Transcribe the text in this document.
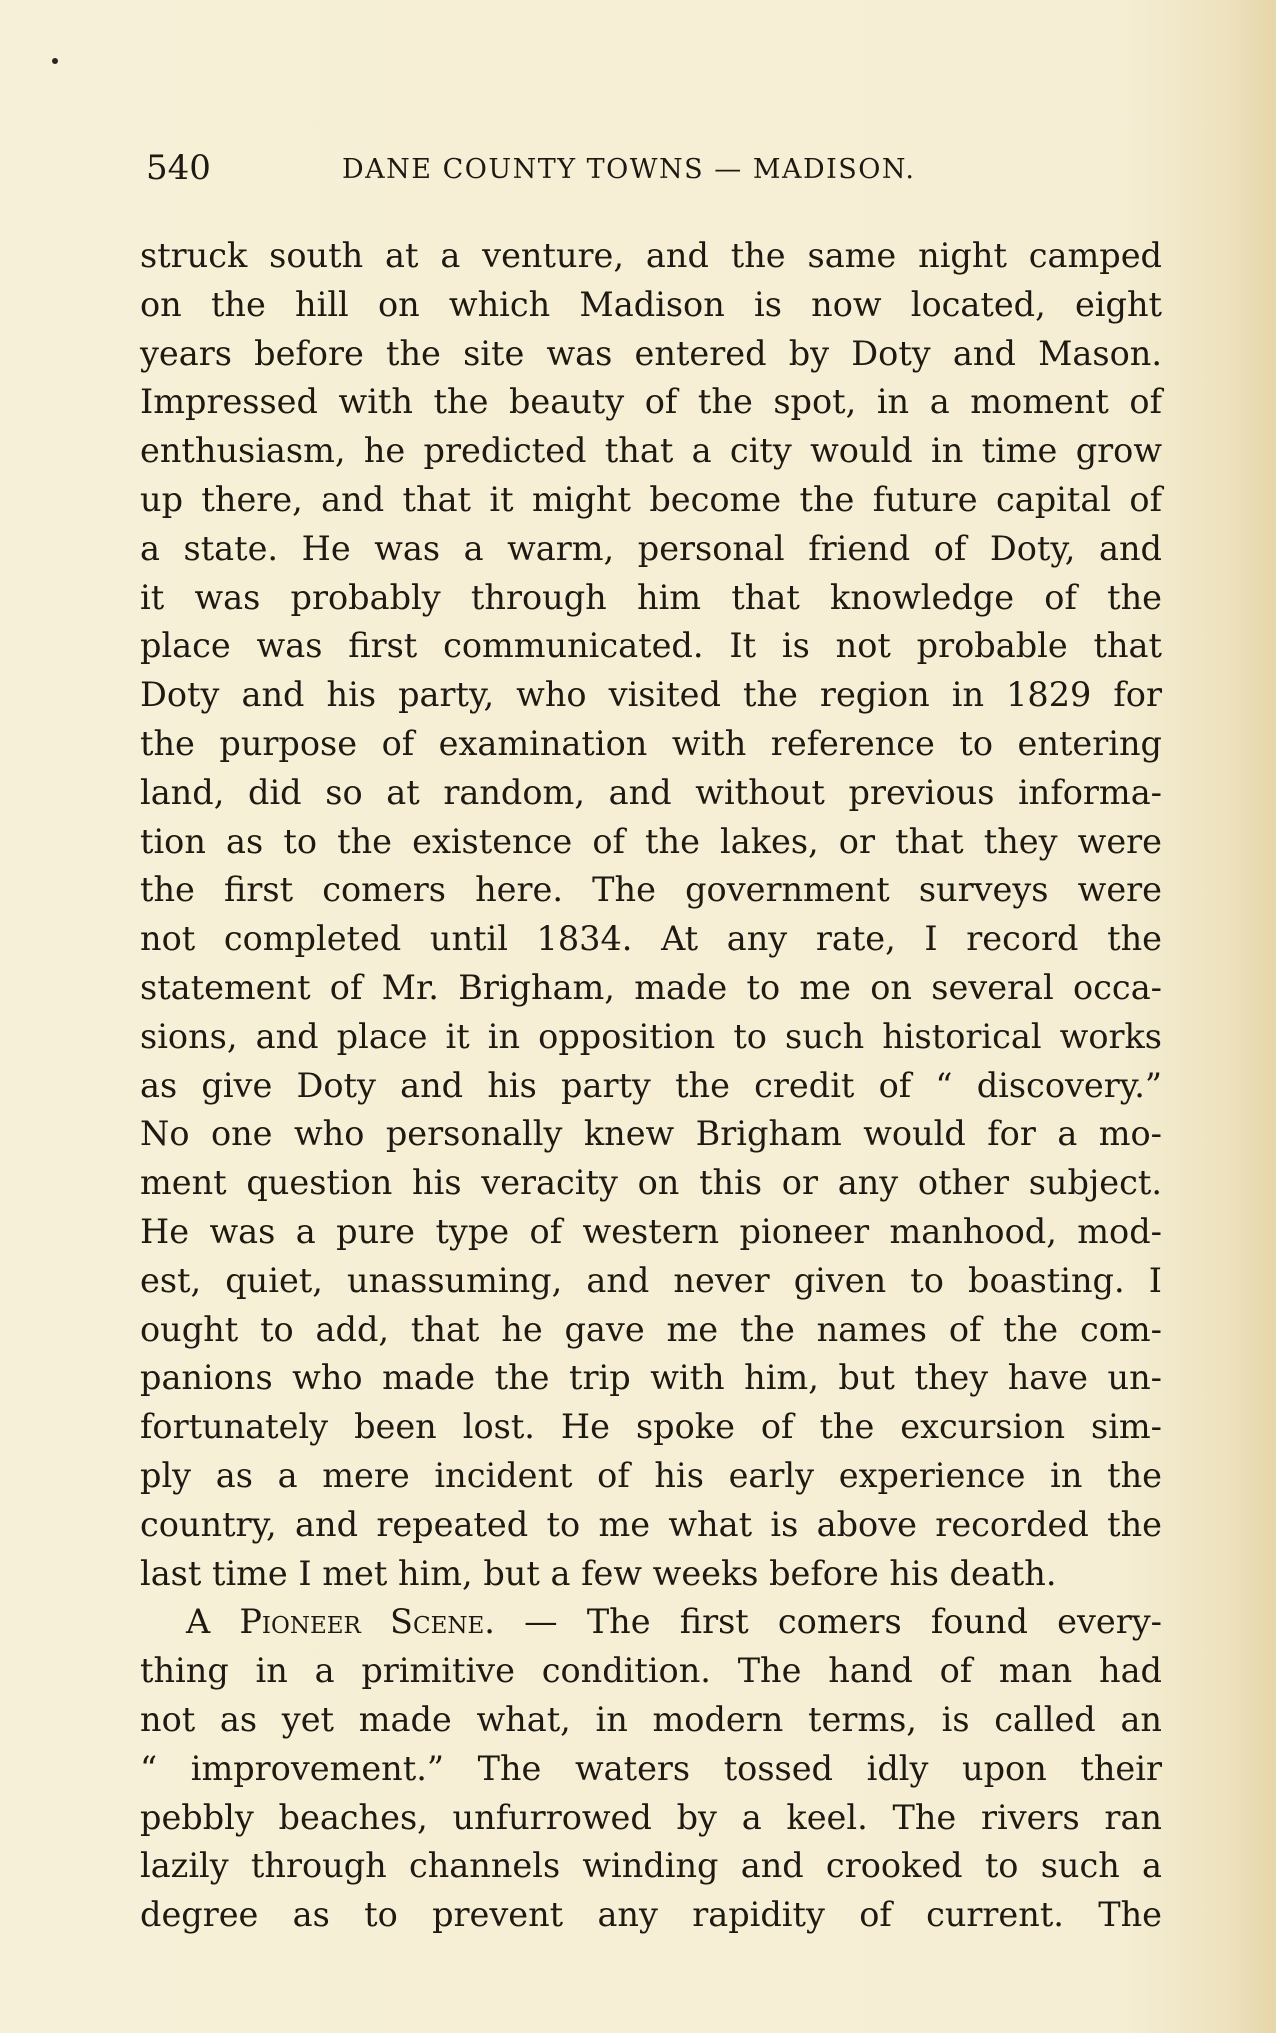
540	DANE COUNTY TOWNS — MADISON.
struck south at a venture, and the same night camped
on the hill on which Madison is now located, eight
years before the site was entered by Doty and Mason.
Impressed with the beauty of the spot, in a moment of
enthusiasm, he predicted that a city would in time grow
up there, and that it might become the future capital of
a state. He was a warm, personal friend of Doty, and
it was probably through him that knowledge of the
place was first communicated. It is not probable that
Doty and his party, who visited the region in 1829 for
the purpose of examination with reference to entering
land, did so at random, and without previous informa-
tion as to the existence of the lakes, or that they were
the first comers here. The government surveys were
not completed until 1834. At any rate, I record the
statement of Mr. Brigham, made to me on several occa-
sions, and place it in opposition to such historical works
as give Doty and his party the credit of “ discovery.”
No one who personally knew Brigham would for a mo-
ment question his veracity on this or any other subject.
He was a pure type of western pioneer manhood, mod-
est, quiet, unassuming, and never given to boasting. I
ought to add, that he gave me the names of the com-
panions who made the trip with him, but they have un-
fortunately been lost. He spoke of the excursion sim-
ply as a mere incident of his early experience in the
country, and repeated to me what is above recorded the
last time I met him, but a few weeks before his death.
A Pioneer Scene. — The first comers found every-
thing in a primitive condition. The hand of man had
not as yet made what, in modern terms, is called an
“ improvement.” The waters tossed idly upon their
pebbly beaches, unfurrowed by a keel. The rivers ran
lazily through channels winding and crooked to such a
degree as to prevent any rapidity of current. The
